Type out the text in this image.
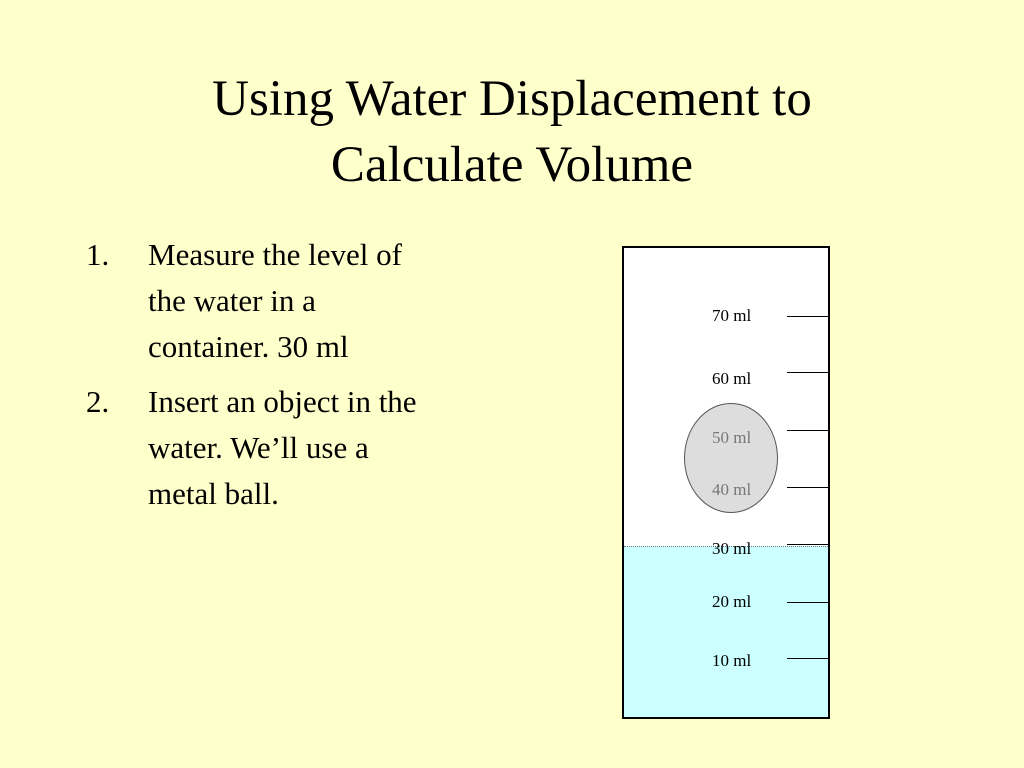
Using Water Displacement to
Calculate Volume
1.	Measure the level of
the water in a
container. 30 ml
2.	Insert an object in the
water. We’ll use a
metal ball.
70 ml
60 ml
50 ml
40 ml
30 ml
20 ml
10 ml
